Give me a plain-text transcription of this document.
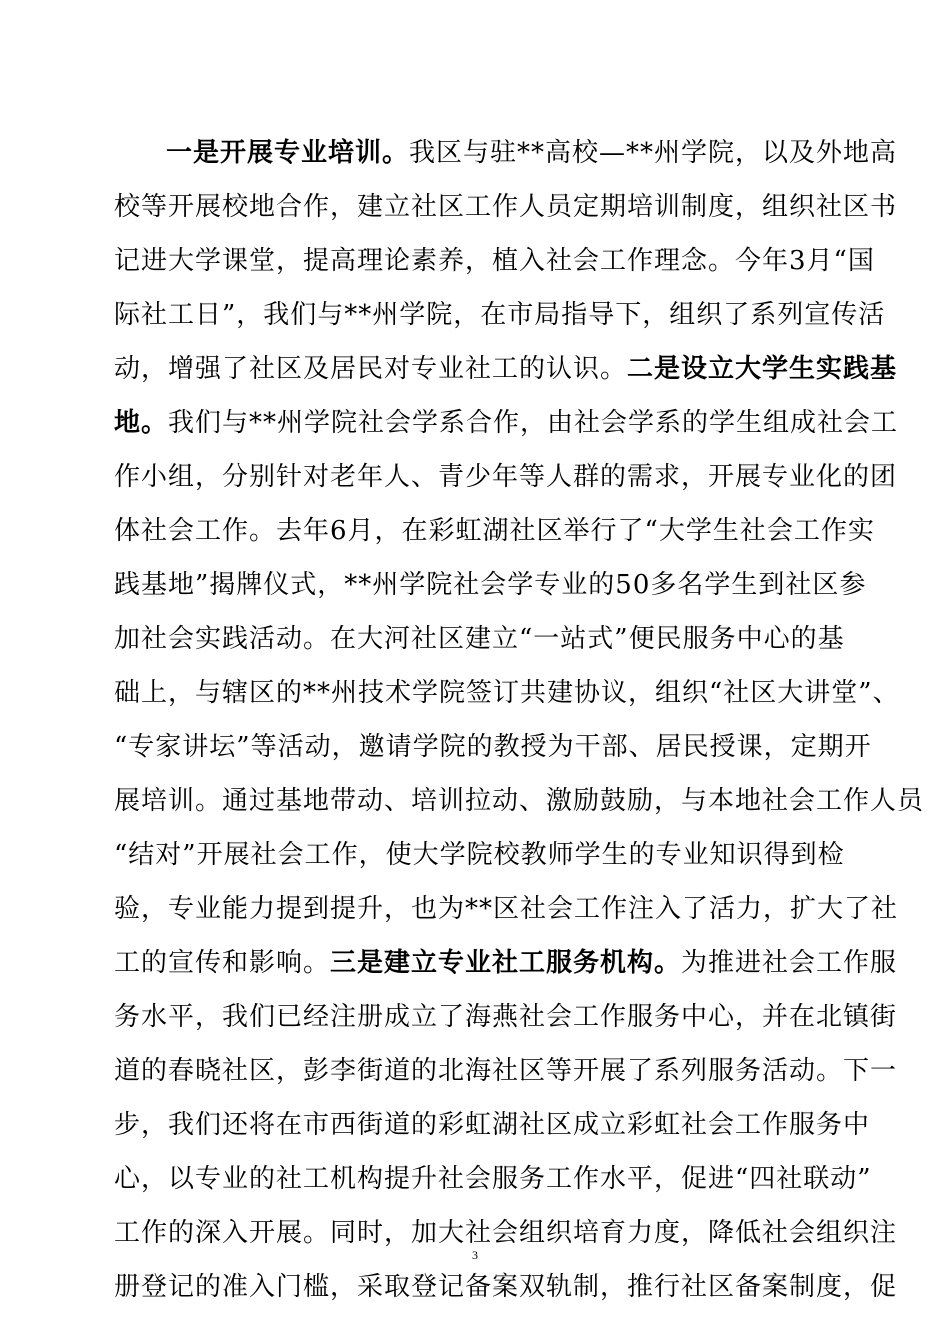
一是开展专业培训。我区与驻**高校—**州学院，以及外地高
校等开展校地合作，建立社区工作人员定期培训制度，组织社区书
记进大学课堂，提高理论素养，植入社会工作理念。今年3月“国
际社工日”，我们与**州学院，在市局指导下，组织了系列宣传活
动，增强了社区及居民对专业社工的认识。二是设立大学生实践基
地。我们与**州学院社会学系合作，由社会学系的学生组成社会工
作小组，分别针对老年人、青少年等人群的需求，开展专业化的团
体社会工作。去年6月，在彩虹湖社区举行了“大学生社会工作实
践基地”揭牌仪式，**州学院社会学专业的50多名学生到社区参
加社会实践活动。在大河社区建立“一站式”便民服务中心的基
础上，与辖区的**州技术学院签订共建协议，组织“社区大讲堂”、
“专家讲坛”等活动，邀请学院的教授为干部、居民授课，定期开
展培训。通过基地带动、培训拉动、激励鼓励，与本地社会工作人员
“结对”开展社会工作，使大学院校教师学生的专业知识得到检
验，专业能力提到提升，也为**区社会工作注入了活力，扩大了社
工的宣传和影响。三是建立专业社工服务机构。为推进社会工作服
务水平，我们已经注册成立了海燕社会工作服务中心，并在北镇街
道的春晓社区，彭李街道的北海社区等开展了系列服务活动。下一
步，我们还将在市西街道的彩虹湖社区成立彩虹社会工作服务中
心，以专业的社工机构提升社会服务工作水平，促进“四社联动”
工作的深入开展。同时，加大社会组织培育力度，降低社会组织注
册登记的准入门槛，采取登记备案双轨制，推行社区备案制度，促
3
